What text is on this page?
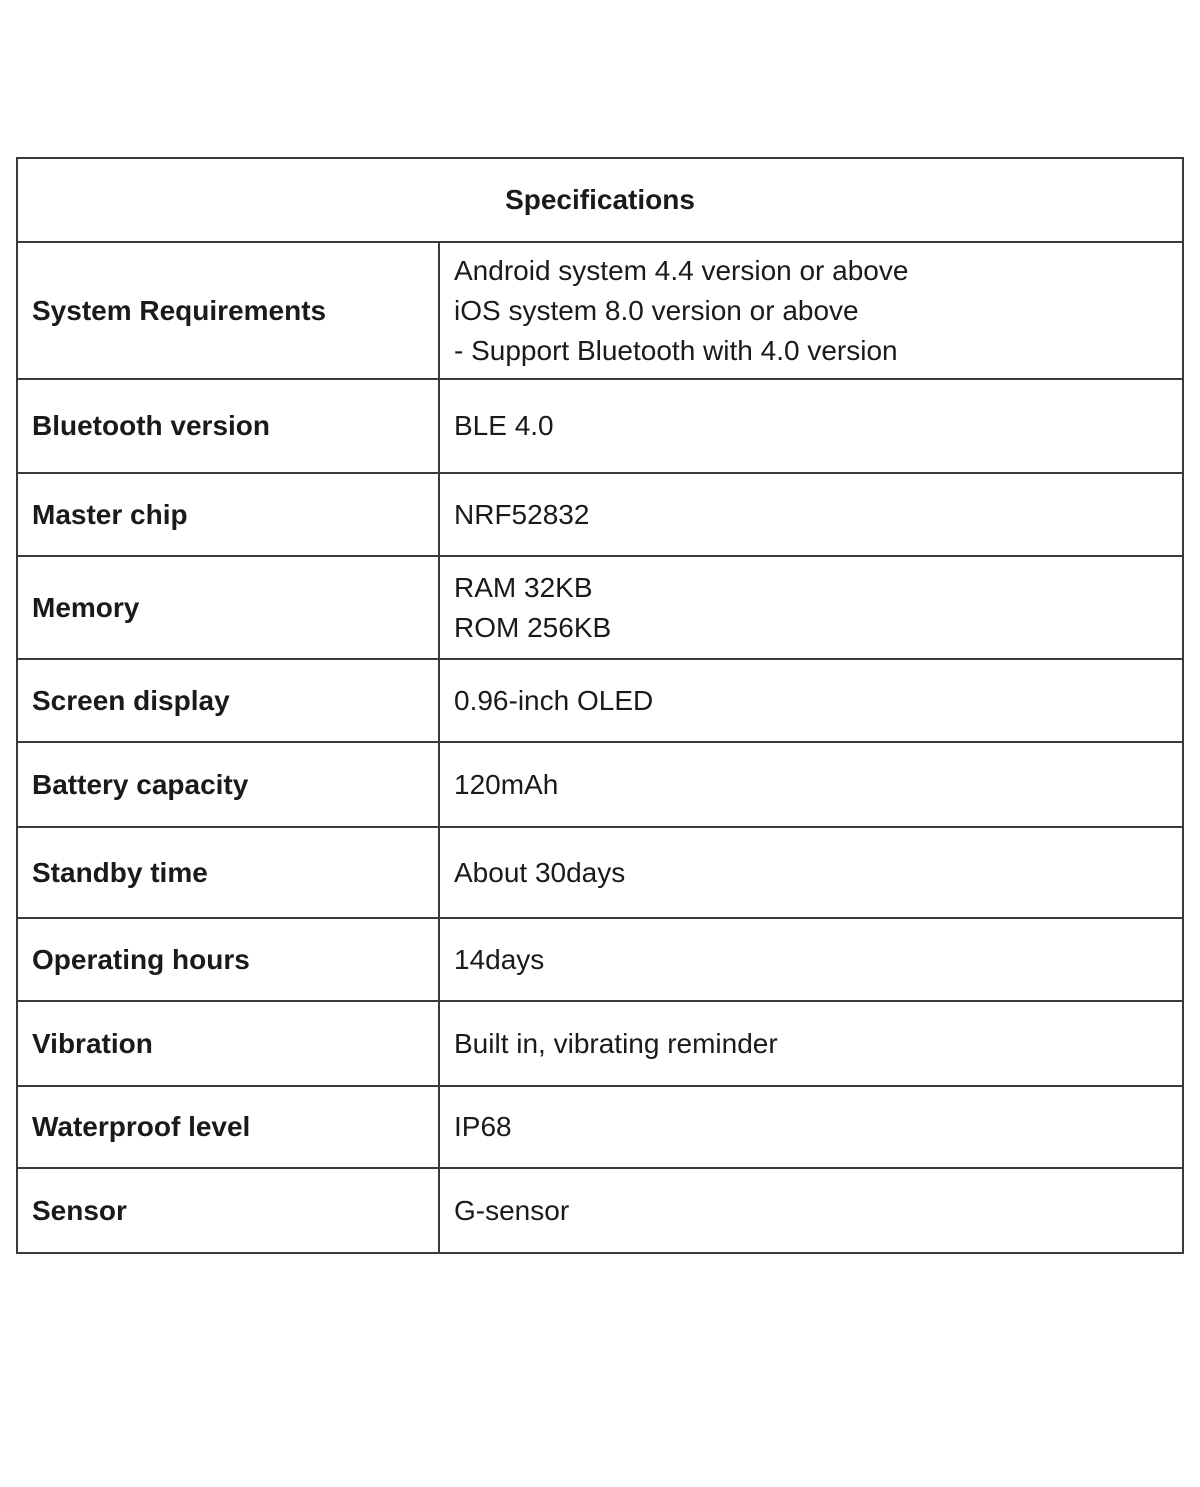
Specifications	
System Requirements	Android system 4.4 version or above
iOS system 8.0 version or above
- Support Bluetooth with 4.0 version

Bluetooth version	BLE 4.0

Master chip	NRF52832

Memory	RAM 32KB
ROM 256KB

Screen display	0.96-inch OLED

Battery capacity	120mAh

Standby time	About 30days

Operating hours	14days

Vibration	Built in, vibrating reminder

Waterproof level	IP68

Sensor	G-sensor
